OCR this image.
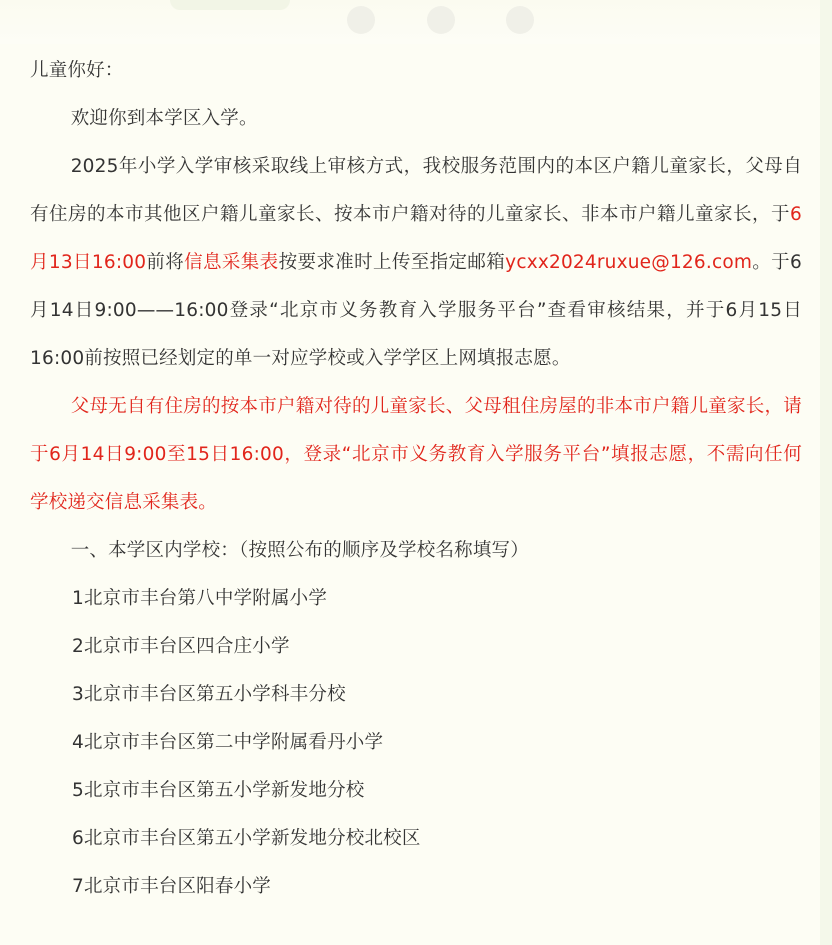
儿童你好：

欢迎你到本学区入学。

2025年小学入学审核采取线上审核方式，我校服务范围内的本区户籍儿童家长，父母自有住房的本市其他区户籍儿童家长、按本市户籍对待的儿童家长、非本市户籍儿童家长，于6月13日16:00前将信息采集表按要求准时上传至指定邮箱ycxx2024ruxue@126.com。于6月14日9:00——16:00登录“北京市义务教育入学服务平台”查看审核结果，并于6月15日16:00前按照已经划定的单一对应学校或入学学区上网填报志愿。

父母无自有住房的按本市户籍对待的儿童家长、父母租住房屋的非本市户籍儿童家长，请于6月14日9:00至15日16:00，登录“北京市义务教育入学服务平台”填报志愿，不需向任何学校递交信息采集表。

一、本学区内学校：（按照公布的顺序及学校名称填写）

1北京市丰台第八中学附属小学

2北京市丰台区四合庄小学

3北京市丰台区第五小学科丰分校

4北京市丰台区第二中学附属看丹小学

5北京市丰台区第五小学新发地分校

6北京市丰台区第五小学新发地分校北校区

7北京市丰台区阳春小学
